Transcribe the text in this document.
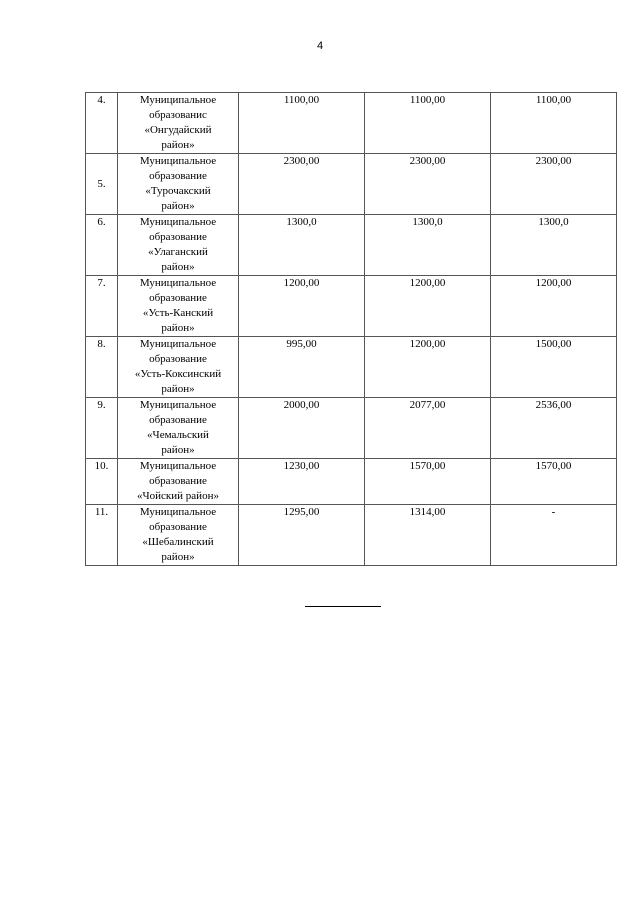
4
4.	Муниципальное
образованис
«Онгудайский
район»	1100,00	1100,00	1100,00
5.	Муниципальное
образование
«Турочакский
район»	2300,00	2300,00	2300,00
6.	Муниципальное
образование
«Улаганский
район»	1300,0	1300,0	1300,0
7.	Муниципальное
образование
«Усть-Канский
район»	1200,00	1200,00	1200,00
8.	Муниципальное
образование
«Усть-Коксинский
район»	995,00	1200,00	1500,00
9.	Муниципальное
образование
«Чемальский
район»	2000,00	2077,00	2536,00
10.	Муниципальное
образование
«Чойский район»	1230,00	1570,00	1570,00
11.	Муниципальное
образование
«Шебалинский
район»	1295,00	1314,00	-
